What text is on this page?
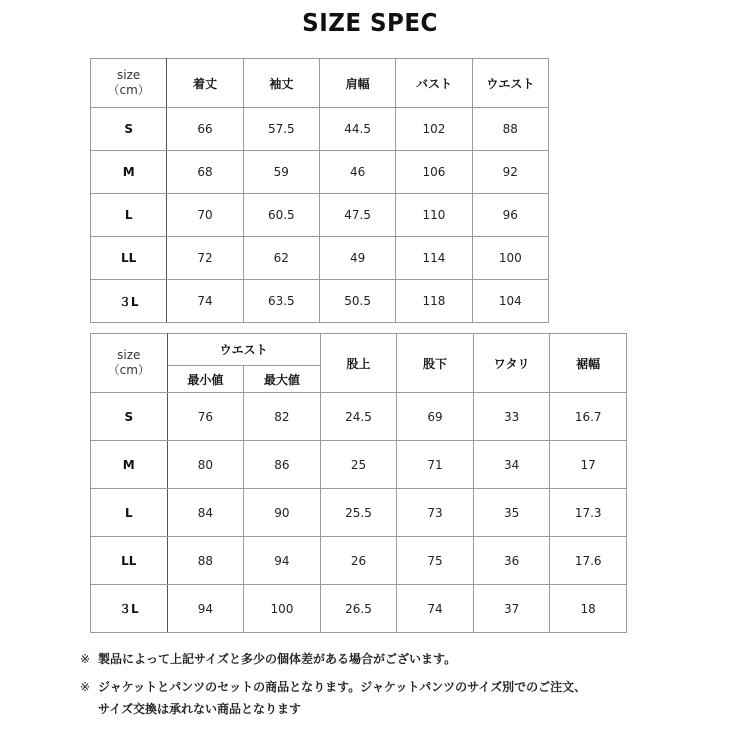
SIZE SPEC
size
（cm）	着丈	袖丈	肩幅	バスト	ウエスト
S	66	57.5	44.5	102	88
M	68	59	46	106	92
L	70	60.5	47.5	110	96
LL	72	62	49	114	100
３L	74	63.5	50.5	118	104
size
（cm）	ウエスト		股上	股下	ワタリ	裾幅
	最小値	最大値				
S	76	82	24.5	69	33	16.7
M	80	86	25	71	34	17
L	84	90	25.5	73	35	17.3
LL	88	94	26	75	36	17.6
３L	94	100	26.5	74	37	18
※ 製品によって上記サイズと多少の個体差がある場合がございます。
※ ジャケットとパンツのセットの商品となります。ジャケットパンツのサイズ別でのご注文、
サイズ交換は承れない商品となります
